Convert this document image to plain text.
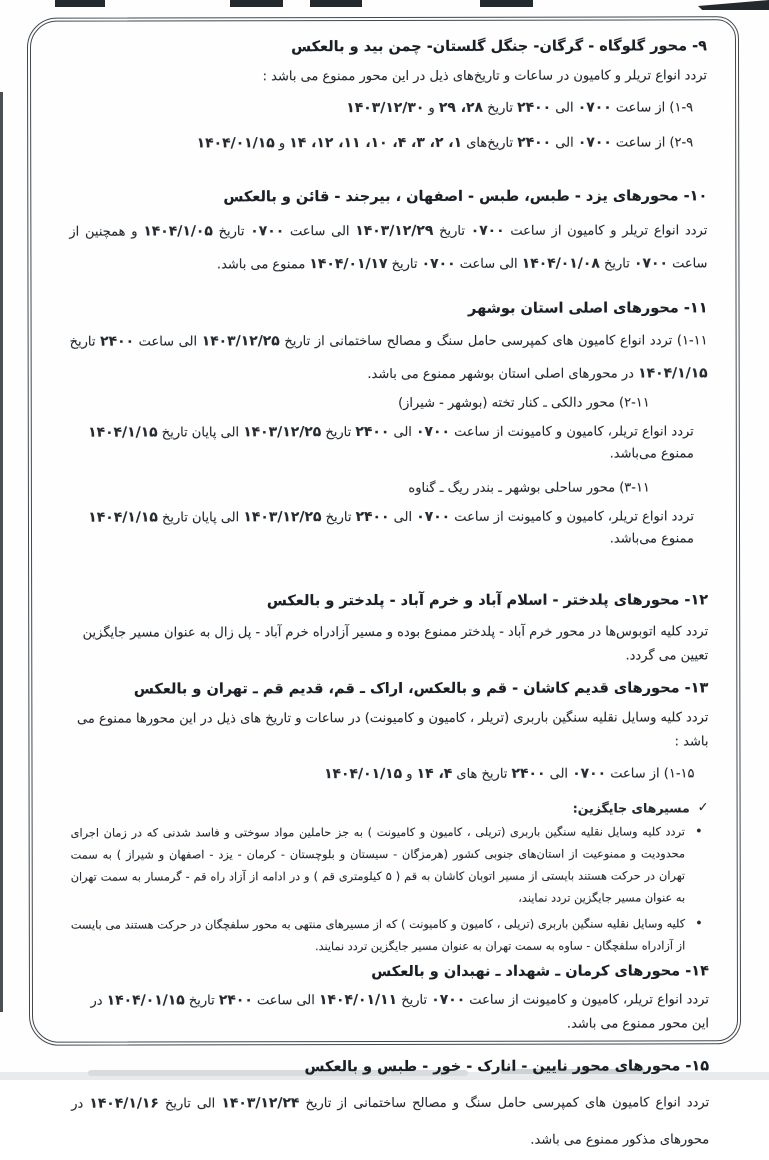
۹- محور گلوگاه - گرگان- جنگل گلستان- چمن بید و بالعکس

تردد انواع تریلر و کامیون در ساعات و تاریخ‌های ذیل در این محور ممنوع می باشد :

۱-۹) از ساعت ۰۷۰۰ الی ۲۴۰۰ تاریخ ۲۸، ۲۹ و ۱۴۰۳/۱۲/۳۰

۲-۹) از ساعت ۰۷۰۰ الی ۲۴۰۰ تاریخ‌های ۱، ۲، ۳، ۴، ۱۰، ۱۱، ۱۲، ۱۴ و ۱۴۰۴/۰۱/۱۵

۱۰- محورهای یزد - طبس، طبس - اصفهان ، بیرجند - قائن و بالعکس

تردد انواع تریلر و کامیون از ساعت ۰۷۰۰ تاریخ ۱۴۰۳/۱۲/۲۹ الی ساعت ۰۷۰۰ تاریخ ۱۴۰۴/۱/۰۵ و همچنین از ساعت ۰۷۰۰ تاریخ ۱۴۰۴/۰۱/۰۸ الی ساعت ۰۷۰۰ تاریخ ۱۴۰۴/۰۱/۱۷ ممنوع می باشد.

۱۱- محورهای اصلی استان بوشهر

۱-۱۱) تردد انواع کامیون های کمپرسی حامل سنگ و مصالح ساختمانی از تاریخ ۱۴۰۳/۱۲/۲۵ الی ساعت ۲۴۰۰ تاریخ ۱۴۰۴/۱/۱۵ در محورهای اصلی استان بوشهر ممنوع می باشد.

۲-۱۱) محور دالکی ـ کنار تخته (بوشهر - شیراز)

تردد انواع تریلر، کامیون و کامیونت از ساعت ۰۷۰۰ الی ۲۴۰۰ تاریخ ۱۴۰۳/۱۲/۲۵ الی پایان تاریخ ۱۴۰۴/۱/۱۵ ممنوع می‌باشد.

۳-۱۱) محور ساحلی بوشهر ـ بندر ریگ ـ گناوه

تردد انواع تریلر، کامیون و کامیونت از ساعت ۰۷۰۰ الی ۲۴۰۰ تاریخ ۱۴۰۳/۱۲/۲۵ الی پایان تاریخ ۱۴۰۴/۱/۱۵ ممنوع می‌باشد.

۱۲- محورهای پلدختر - اسلام آباد و خرم آباد - پلدختر و بالعکس

تردد کلیه اتوبوس‌ها در محور خرم آباد - پلدختر ممنوع بوده و مسیر آزادراه خرم آباد - پل زال به عنوان مسیر جایگزین تعیین می گردد.

۱۳- محورهای قدیم کاشان - قم و بالعکس، اراک ـ قم، قدیم قم ـ تهران و بالعکس

تردد کلیه وسایل نقلیه سنگین باربری (تریلر ، کامیون و کامیونت) در ساعات و تاریخ های ذیل در این محورها ممنوع می باشد :

۱-۱۵) از ساعت ۰۷۰۰ الی ۲۴۰۰ تاریخ های ۴، ۱۴ و ۱۴۰۴/۰۱/۱۵

✓
مسیرهای جایگزین:
•
تردد کلیه وسایل نقلیه سنگین باربری (تریلی ، کامیون و کامیونت ) به جز حاملین مواد سوختی و فاسد شدنی که در زمان اجرای محدودیت و ممنوعیت از استان‌های جنوبی کشور (هرمزگان - سیستان و بلوچستان - کرمان - یزد - اصفهان و شیراز ) به سمت تهران در حرکت هستند بایستی از مسیر اتوبان کاشان به قم ( ۵ کیلومتری قم ) و در ادامه از آزاد راه قم - گرمسار به سمت تهران به عنوان مسیر جایگزین تردد نمایند،
•
کلیه وسایل نقلیه سنگین باربری (تریلی ، کامیون و کامیونت ) که از مسیرهای منتهی به محور سلفچگان در حرکت هستند می بایست از آزادراه سلفچگان - ساوه به سمت تهران به عنوان مسیر جایگزین تردد نمایند.
۱۴- محورهای کرمان ـ شهداد ـ نهبدان و بالعکس

تردد انواع تریلر، کامیون و کامیونت از ساعت ۰۷۰۰ تاریخ ۱۴۰۴/۰۱/۱۱ الی ساعت ۲۴۰۰ تاریخ ۱۴۰۴/۰۱/۱۵ در این محور ممنوع می باشد.

۱۵- محورهای محور نایین - انارک - خور - طبس و بالعکس

تردد انواع کامیون های کمپرسی حامل سنگ و مصالح ساختمانی از تاریخ ۱۴۰۳/۱۲/۲۴ الی تاریخ ۱۴۰۴/۱/۱۶ در محورهای مذکور ممنوع می باشد.
